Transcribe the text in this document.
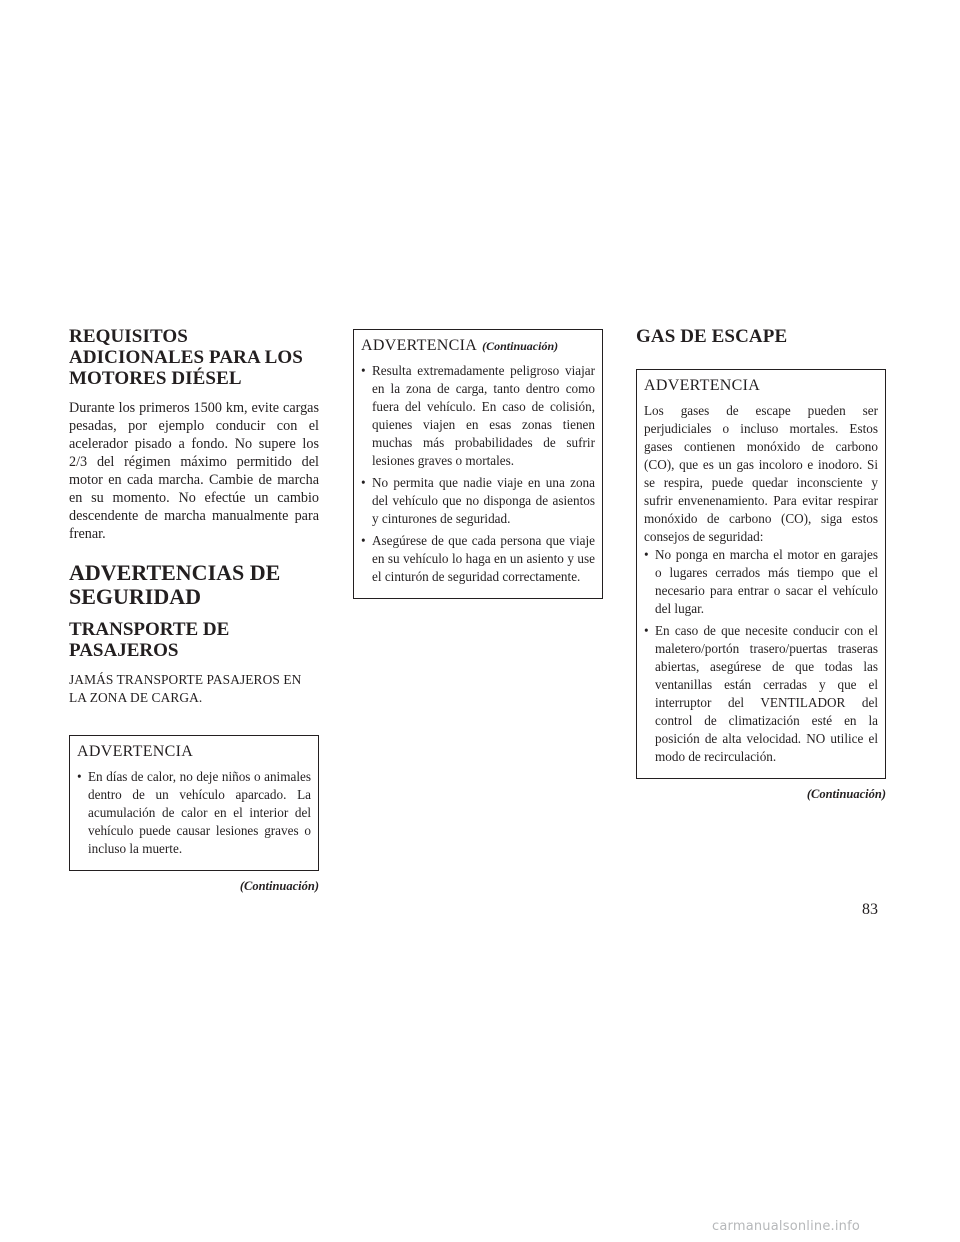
REQUISITOS ADICIONALES PARA LOS MOTORES DIÉSEL

Durante los primeros 1500 km, evite cargas pesadas, por ejemplo conducir con el acelerador pisado a fondo. No supere los 2/3 del régimen máximo permitido del motor en cada marcha. Cambie de marcha en su momento. No efectúe un cambio descendente de marcha manualmente para frenar.

ADVERTENCIAS DE SEGURIDAD
TRANSPORTE DE PASAJEROS

JAMÁS TRANSPORTE PASAJEROS EN LA ZONA DE CARGA.

ADVERTENCIA
• En días de calor, no deje niños o animales dentro de un vehículo aparcado. La acumulación de calor en el interior del vehículo puede causar lesiones graves o incluso la muerte.
(Continuación)
ADVERTENCIA (Continuación)
• Resulta extremadamente peligroso viajar en la zona de carga, tanto dentro como fuera del vehículo. En caso de colisión, quienes viajen en esas zonas tienen muchas más probabilidades de sufrir lesiones graves o mortales.
• No permita que nadie viaje en una zona del vehículo que no disponga de asientos y cinturones de seguridad.
• Asegúrese de que cada persona que viaje en su vehículo lo haga en un asiento y use el cinturón de seguridad correctamente.
GAS DE ESCAPE
ADVERTENCIA

Los gases de escape pueden ser perjudiciales o incluso mortales. Estos gases contienen monóxido de carbono (CO), que es un gas incoloro e inodoro. Si se respira, puede quedar inconsciente y sufrir envenenamiento. Para evitar respirar monóxido de carbono (CO), siga estos consejos de seguridad:

• No ponga en marcha el motor en garajes o lugares cerrados más tiempo que el necesario para entrar o sacar el vehículo del lugar.
• En caso de que necesite conducir con el maletero/portón trasero/puertas traseras abiertas, asegúrese de que todas las ventanillas están cerradas y que el interruptor del VENTILADOR del control de climatización esté en la posición de alta velocidad. NO utilice el modo de recirculación.
(Continuación)
83
carmanualsonline.info
